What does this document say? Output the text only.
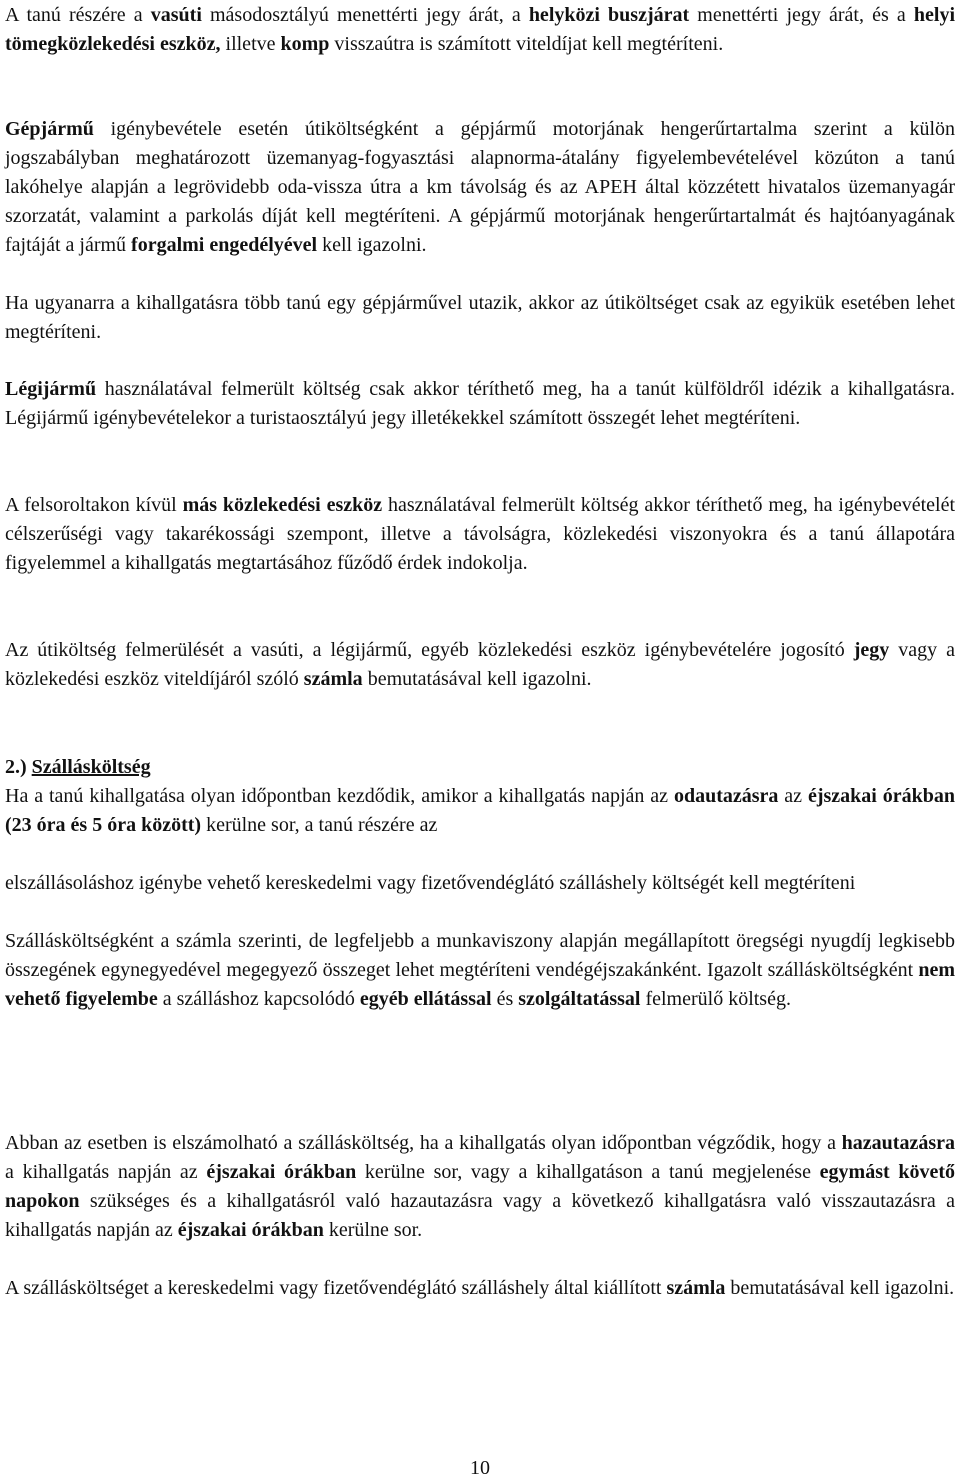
A tanú részére a vasúti másodosztályú menettérti jegy árát, a helyközi buszjárat menettérti jegy árát, és a helyi tömegközlekedési eszköz, illetve komp visszaútra is számított viteldíjat kell megtéríteni.

Gépjármű igénybevétele esetén útiköltségként a gépjármű motorjának hengerűrtartalma szerint a külön jogszabályban meghatározott üzemanyag-fogyasztási alapnorma-átalány figyelembevételével közúton a tanú lakóhelye alapján a legrövidebb oda-vissza útra a km távolság és az APEH által közzétett hivatalos üzemanyagár szorzatát, valamint a parkolás díját kell megtéríteni. A gépjármű motorjának hengerűrtartalmát és hajtóanyagának fajtáját a jármű forgalmi engedélyével kell igazolni.

Ha ugyanarra a kihallgatásra több tanú egy gépjárművel utazik, akkor az útiköltséget csak az egyikük esetében lehet megtéríteni.

Légijármű használatával felmerült költség csak akkor téríthető meg, ha a tanút külföldről idézik a kihallgatásra. Légijármű igénybevételekor a turistaosztályú jegy illetékekkel számított összegét lehet megtéríteni.

A felsoroltakon kívül más közlekedési eszköz használatával felmerült költség akkor téríthető meg, ha igénybevételét célszerűségi vagy takarékossági szempont, illetve a távolságra, közlekedési viszonyokra és a tanú állapotára figyelemmel a kihallgatás megtartásához fűződő érdek indokolja.

Az útiköltség felmerülését a vasúti, a légijármű, egyéb közlekedési eszköz igénybevételére jogosító jegy vagy a közlekedési eszköz viteldíjáról szóló számla bemutatásával kell igazolni.

2.) Szállásköltség

Ha a tanú kihallgatása olyan időpontban kezdődik, amikor a kihallgatás napján az odautazásra az éjszakai órákban (23 óra és 5 óra között) kerülne sor, a tanú részére az

elszállásoláshoz igénybe vehető kereskedelmi vagy fizetővendéglátó szálláshely költségét kell megtéríteni

Szállásköltségként a számla szerinti, de legfeljebb a munkaviszony alapján megállapított öregségi nyugdíj legkisebb összegének egynegyedével megegyező összeget lehet megtéríteni vendégéjszakánként. Igazolt szállásköltségként nem vehető figyelembe a szálláshoz kapcsolódó egyéb ellátással és szolgáltatással felmerülő költség.

Abban az esetben is elszámolható a szállásköltség, ha a kihallgatás olyan időpontban végződik, hogy a hazautazásra a kihallgatás napján az éjszakai órákban kerülne sor, vagy a kihallgatáson a tanú megjelenése egymást követő napokon szükséges és a kihallgatásról való hazautazásra vagy a következő kihallgatásra való visszautazásra a kihallgatás napján az éjszakai órákban kerülne sor.

A szállásköltséget a kereskedelmi vagy fizetővendéglátó szálláshely által kiállított számla bemutatásával kell igazolni.

10
